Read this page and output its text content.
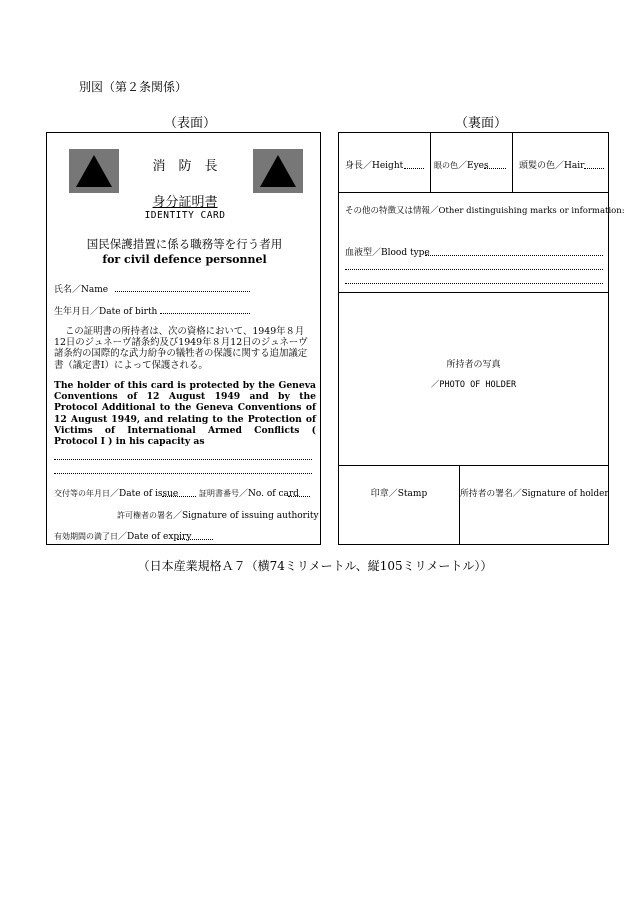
別図（第２条関係）
（表面）	（裏面）
消　防　長
身分証明書
IDENTITY CARD
国民保護措置に係る職務等を行う者用
for civil defence personnel
氏名／Name
生年月日／Date of birth
この証明書の所持者は、次の資格において、1949年８月12日のジュネーヴ諸条約及び1949年８月12日のジュネーヴ諸条約の国際的な武力紛争の犠牲者の保護に関する追加議定書（議定書Ⅰ）によって保護される。
The holder of this card is protected by the Geneva Conventions of 12 August 1949 and by the Protocol Additional to the Geneva Conventions of 12 August 1949, and relating to the Protection of Victims of International Armed Conflicts ( Protocol Ⅰ ) in his capacity as
交付等の年月日／Date of issue	証明書番号／No. of card
許可権者の署名／Signature of issuing authority
有効期間の満了日／Date of expiry
身長／Height	眼の色／Eyes	頭髪の色／Hair
その他の特徴又は情報／Other distinguishing marks or information:
血液型／Blood type
所持者の写真
／PHOTO OF HOLDER
印章／Stamp	所持者の署名／Signature of holder
（日本産業規格Ａ７（横74ミリメートル、縦105ミリメートル））
